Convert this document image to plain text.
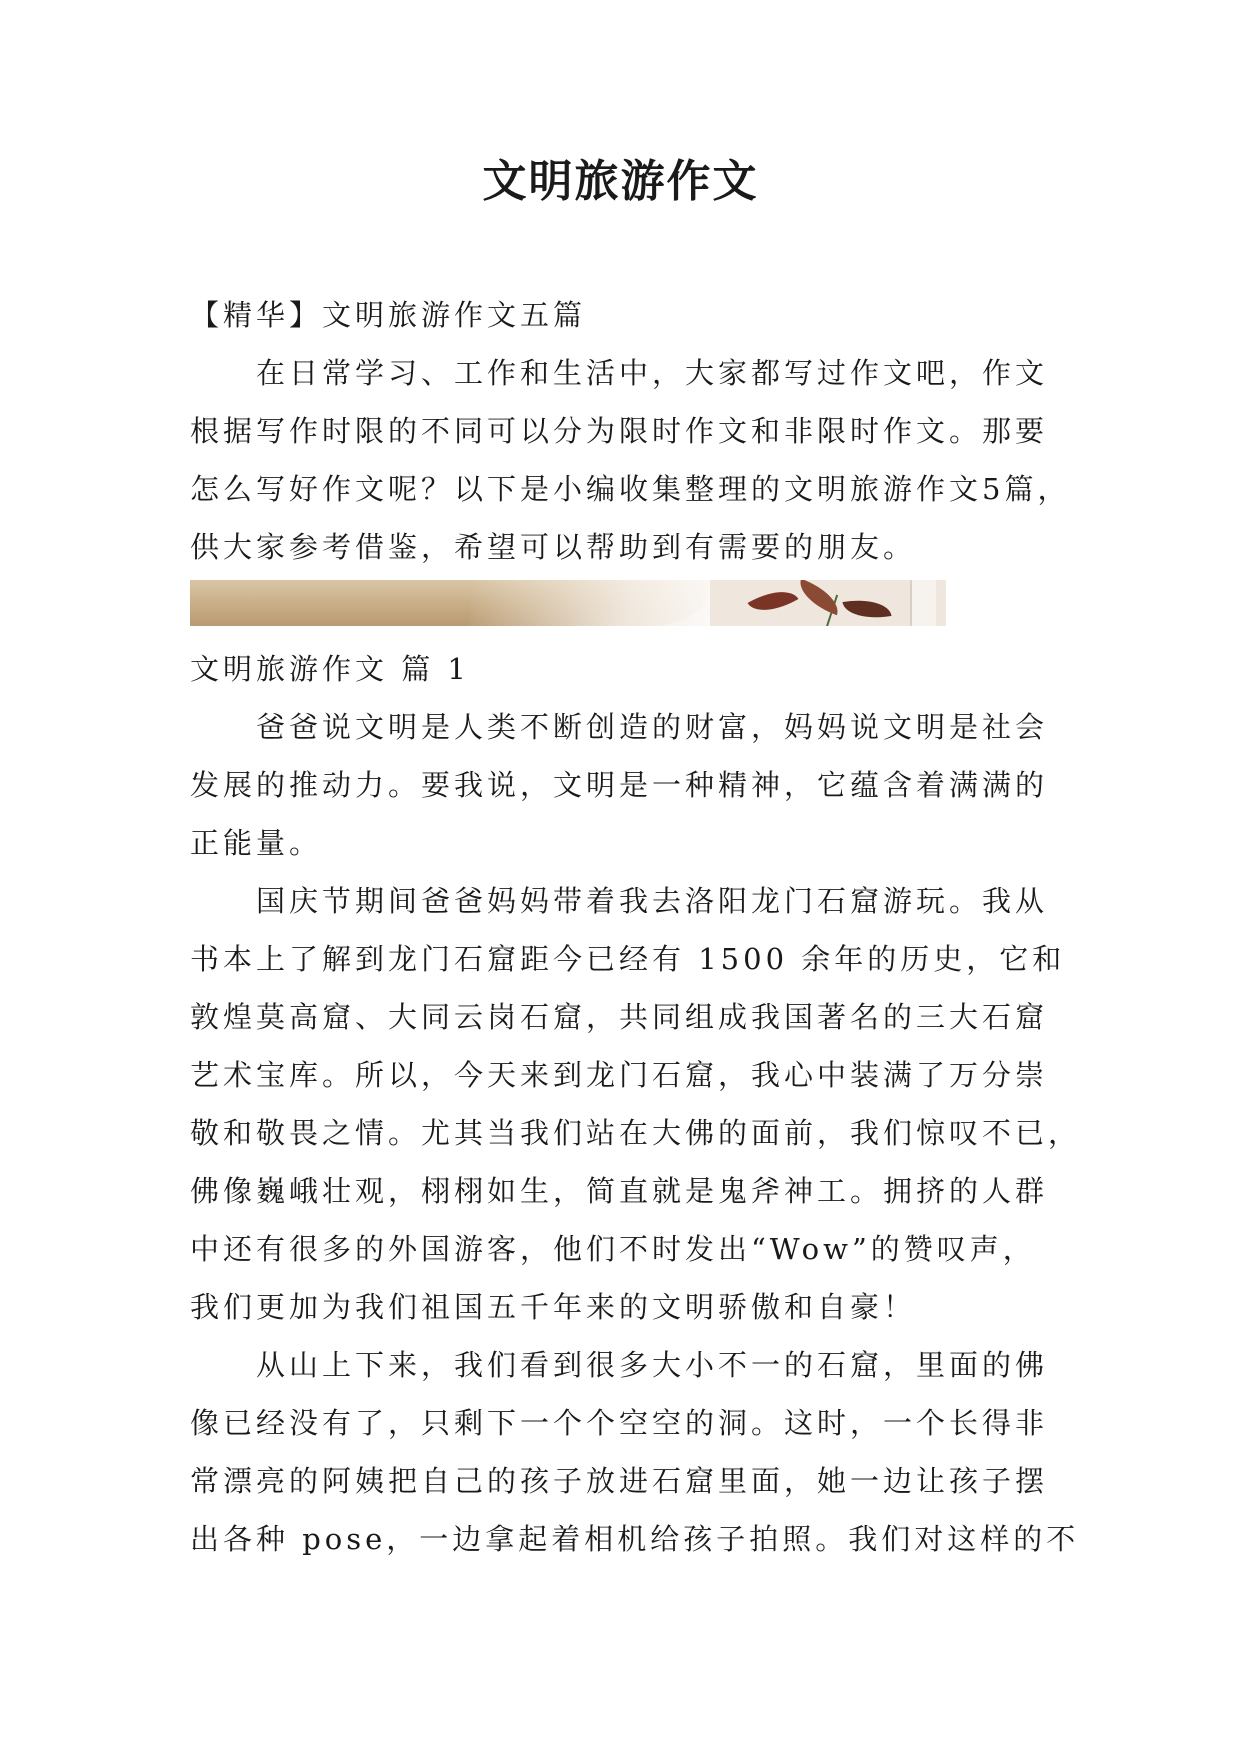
文明旅游作文
【精华】文明旅游作文五篇
在日常学习、工作和生活中，大家都写过作文吧，作文
根据写作时限的不同可以分为限时作文和非限时作文。那要
怎么写好作文呢？以下是小编收集整理的文明旅游作文5篇，
供大家参考借鉴，希望可以帮助到有需要的朋友。
文明旅游作文 篇 1
爸爸说文明是人类不断创造的财富，妈妈说文明是社会
发展的推动力。要我说，文明是一种精神，它蕴含着满满的
正能量。
国庆节期间爸爸妈妈带着我去洛阳龙门石窟游玩。我从
书本上了解到龙门石窟距今已经有 1500 余年的历史，它和
敦煌莫高窟、大同云岗石窟，共同组成我国著名的三大石窟
艺术宝库。所以，今天来到龙门石窟，我心中装满了万分崇
敬和敬畏之情。尤其当我们站在大佛的面前，我们惊叹不已，
佛像巍峨壮观，栩栩如生，简直就是鬼斧神工。拥挤的人群
中还有很多的外国游客，他们不时发出“Wow”的赞叹声，
我们更加为我们祖国五千年来的文明骄傲和自豪！
从山上下来，我们看到很多大小不一的石窟，里面的佛
像已经没有了，只剩下一个个空空的洞。这时，一个长得非
常漂亮的阿姨把自己的孩子放进石窟里面，她一边让孩子摆
出各种 pose，一边拿起着相机给孩子拍照。我们对这样的不
